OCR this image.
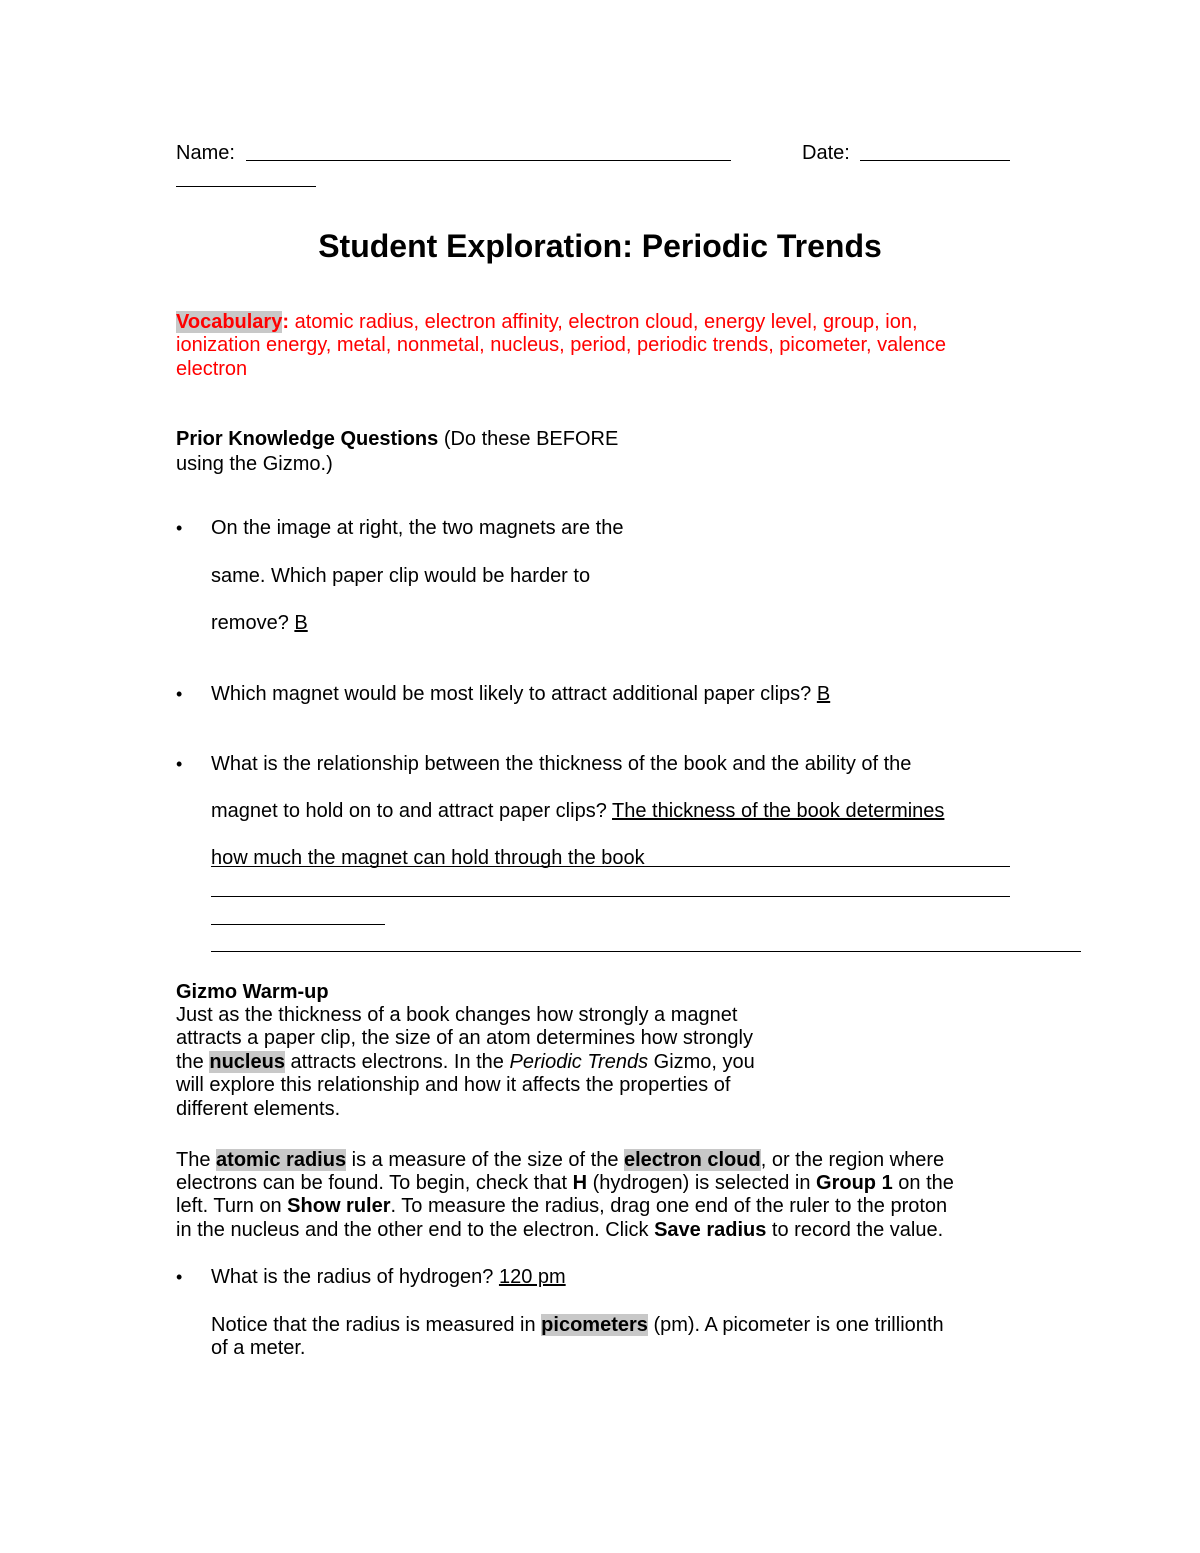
Name:	Date:
Student Exploration: Periodic Trends
Vocabulary: atomic radius, electron affinity, electron cloud, energy level, group, ion,
ionization energy, metal, nonmetal, nucleus, period, periodic trends, picometer, valence
electron
Prior Knowledge Questions (Do these BEFORE
using the Gizmo.)
• On the image at right, the two magnets are the
same. Which paper clip would be harder to
remove? B
• Which magnet would be most likely to attract additional paper clips? B
• What is the relationship between the thickness of the book and the ability of the
magnet to hold on to and attract paper clips? The thickness of the book determines
how much the magnet can hold through the book
Gizmo Warm-up
Just as the thickness of a book changes how strongly a magnet
attracts a paper clip, the size of an atom determines how strongly
the nucleus attracts electrons. In the Periodic Trends Gizmo, you
will explore this relationship and how it affects the properties of
different elements.
The atomic radius is a measure of the size of the electron cloud, or the region where
electrons can be found. To begin, check that H (hydrogen) is selected in Group 1 on the
left. Turn on Show ruler. To measure the radius, drag one end of the ruler to the proton
in the nucleus and the other end to the electron. Click Save radius to record the value.
• What is the radius of hydrogen? 120 pm
Notice that the radius is measured in picometers (pm). A picometer is one trillionth
of a meter.
